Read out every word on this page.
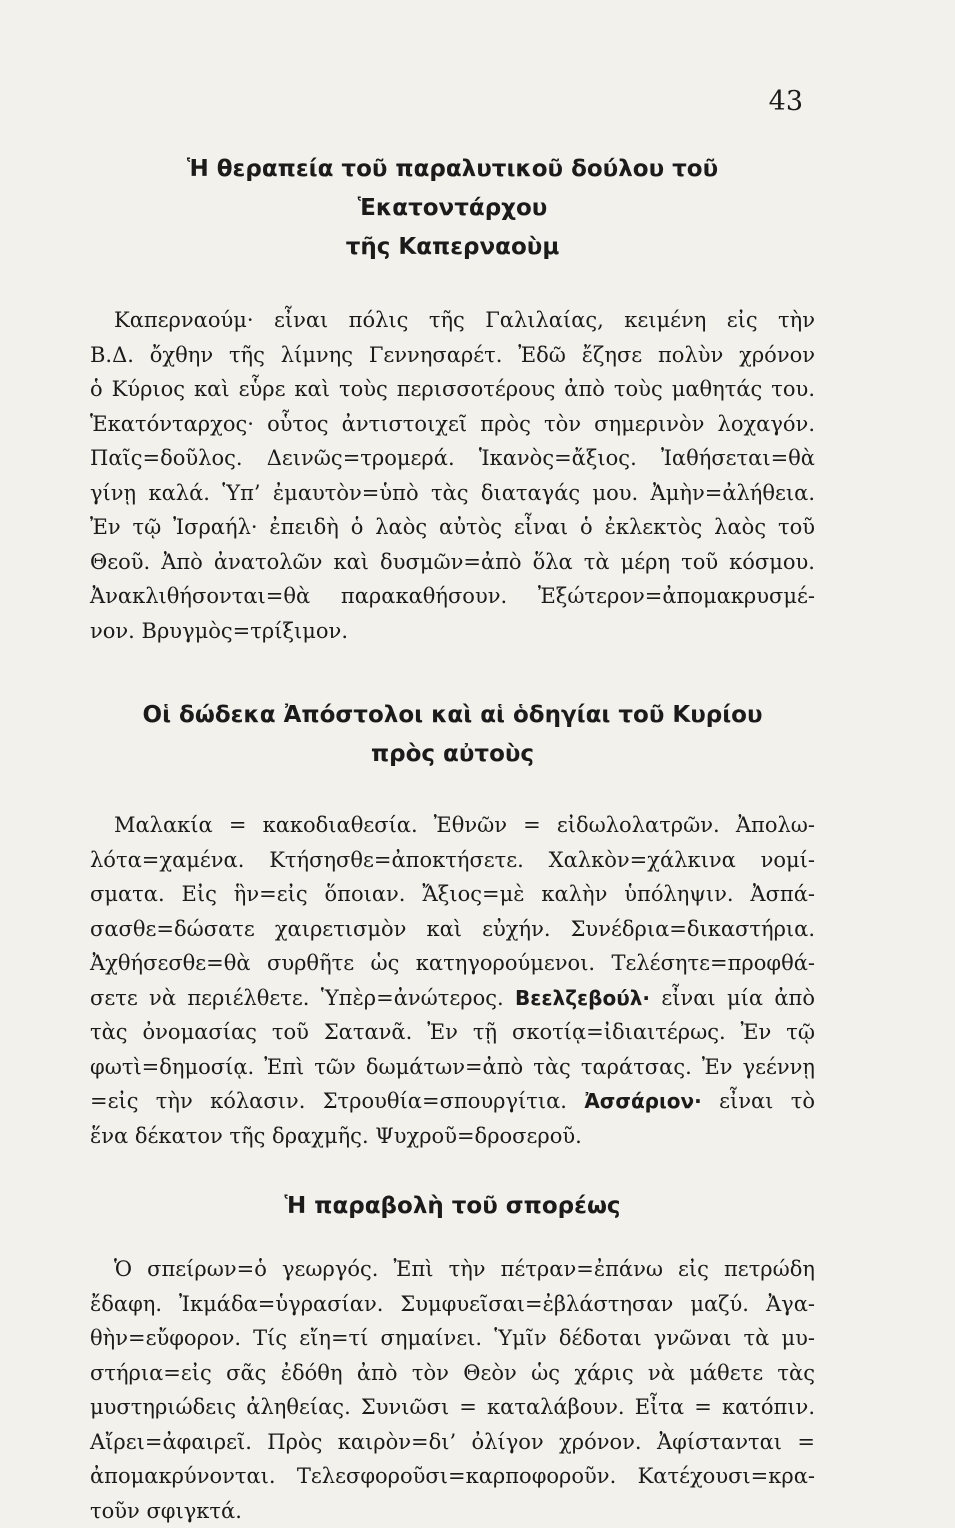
43
Ἡ θεραπεία τοῦ παραλυτικοῦ δούλου τοῦ Ἑκατοντάρχου
τῆς Καπερναοὺμ

Καπερναούμ· εἶναι πόλις τῆς Γαλιλαίας, κειμένη εἰς τὴν
Β.Δ. ὄχθην τῆς λίμνης Γεννησαρέτ. Ἐδῶ ἔζησε πολὺν χρόνον
ὁ Κύριος καὶ εὗρε καὶ τοὺς περισσοτέρους ἀπὸ τοὺς μαθητάς του.
Ἑκατόνταρχος· οὗτος ἀντιστοιχεῖ πρὸς τὸν σημερινὸν λοχαγόν.
Παῖς=δοῦλος. Δεινῶς=τρομερά. Ἱκανὸς=ἄξιος. Ἰαθήσεται=θὰ
γίνῃ καλά. Ὑπ’ ἐμαυτὸν=ὑπὸ τὰς διαταγάς μου. Ἀμὴν=ἀλήθεια.
Ἐν τῷ Ἰσραήλ· ἐπειδὴ ὁ λαὸς αὐτὸς εἶναι ὁ ἐκλεκτὸς λαὸς τοῦ
Θεοῦ. Ἀπὸ ἀνατολῶν καὶ δυσμῶν=ἀπὸ ὅλα τὰ μέρη τοῦ κόσμου.
Ἀνακλιθήσονται=θὰ παρακαθήσουν. Ἐξώτερον=ἀπομακρυσμέ-
νον. Βρυγμὸς=τρίξιμον.

Οἱ δώδεκα Ἀπόστολοι καὶ αἱ ὁδηγίαι τοῦ Κυρίου
πρὸς αὐτοὺς

Μαλακία = κακοδιαθεσία. Ἐθνῶν = εἰδωλολατρῶν. Ἀπολω-
λότα=χαμένα. Κτήσησθε=ἀποκτήσετε. Χαλκὸν=χάλκινα νομί-
σματα. Εἰς ἣν=εἰς ὅποιαν. Ἄξιος=μὲ καλὴν ὑπόληψιν. Ἀσπά-
σασθε=δώσατε χαιρετισμὸν καὶ εὐχήν. Συνέδρια=δικαστήρια.
Ἀχθήσεσθε=θὰ συρθῆτε ὡς κατηγορούμενοι. Τελέσητε=προφθά-
σετε νὰ περιέλθετε. Ὑπὲρ=ἀνώτερος. Βεελζεβούλ· εἶναι μία ἀπὸ
τὰς ὀνομασίας τοῦ Σατανᾶ. Ἐν τῇ σκοτίᾳ=ἰδιαιτέρως. Ἐν τῷ
φωτὶ=δημοσίᾳ. Ἐπὶ τῶν δωμάτων=ἀπὸ τὰς ταράτσας. Ἐν γεέννῃ
=εἰς τὴν κόλασιν. Στρουθία=σπουργίτια. Ἀσσάριον· εἶναι τὸ
ἕνα δέκατον τῆς δραχμῆς. Ψυχροῦ=δροσεροῦ.

Ἡ παραβολὴ τοῦ σπορέως

Ὁ σπείρων=ὁ γεωργός. Ἐπὶ τὴν πέτραν=ἐπάνω εἰς πετρώδη
ἔδαφη. Ἰκμάδα=ὑγρασίαν. Συμφυεῖσαι=ἐβλάστησαν μαζύ. Ἀγα-
θὴν=εὔφορον. Τίς εἴη=τί σημαίνει. Ὑμῖν δέδοται γνῶναι τὰ μυ-
στήρια=εἰς σᾶς ἐδόθη ἀπὸ τὸν Θεὸν ὡς χάρις νὰ μάθετε τὰς
μυστηριώδεις ἀληθείας. Συνιῶσι = καταλάβουν. Εἶτα = κατόπιν.
Αἴρει=ἀφαιρεῖ. Πρὸς καιρὸν=δι’ ὀλίγον χρόνον. Ἀφίστανται =
ἀπομακρύνονται. Τελεσφοροῦσι=καρποφοροῦν. Κατέχουσι=κρα-
τοῦν σφιγκτά.
